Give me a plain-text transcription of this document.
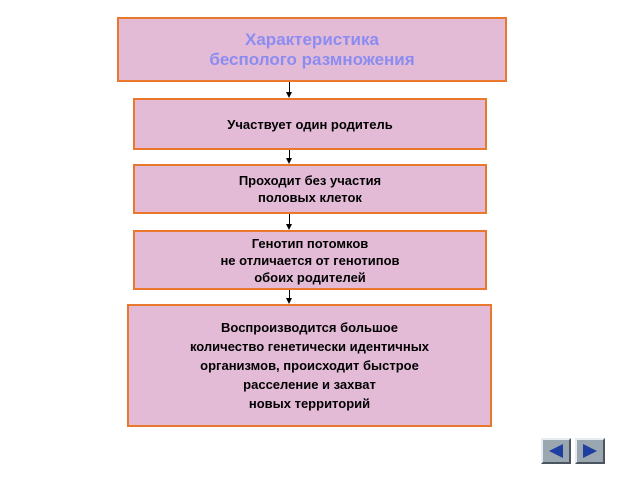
Характеристика
бесполого размножения
Участвует один родитель
Проходит без участия
половых клеток
Генотип потомков
не отличается от генотипов
обоих родителей
Воспроизводится большое
количество генетически идентичных
организмов, происходит быстрое
расселение и захват
новых территорий
